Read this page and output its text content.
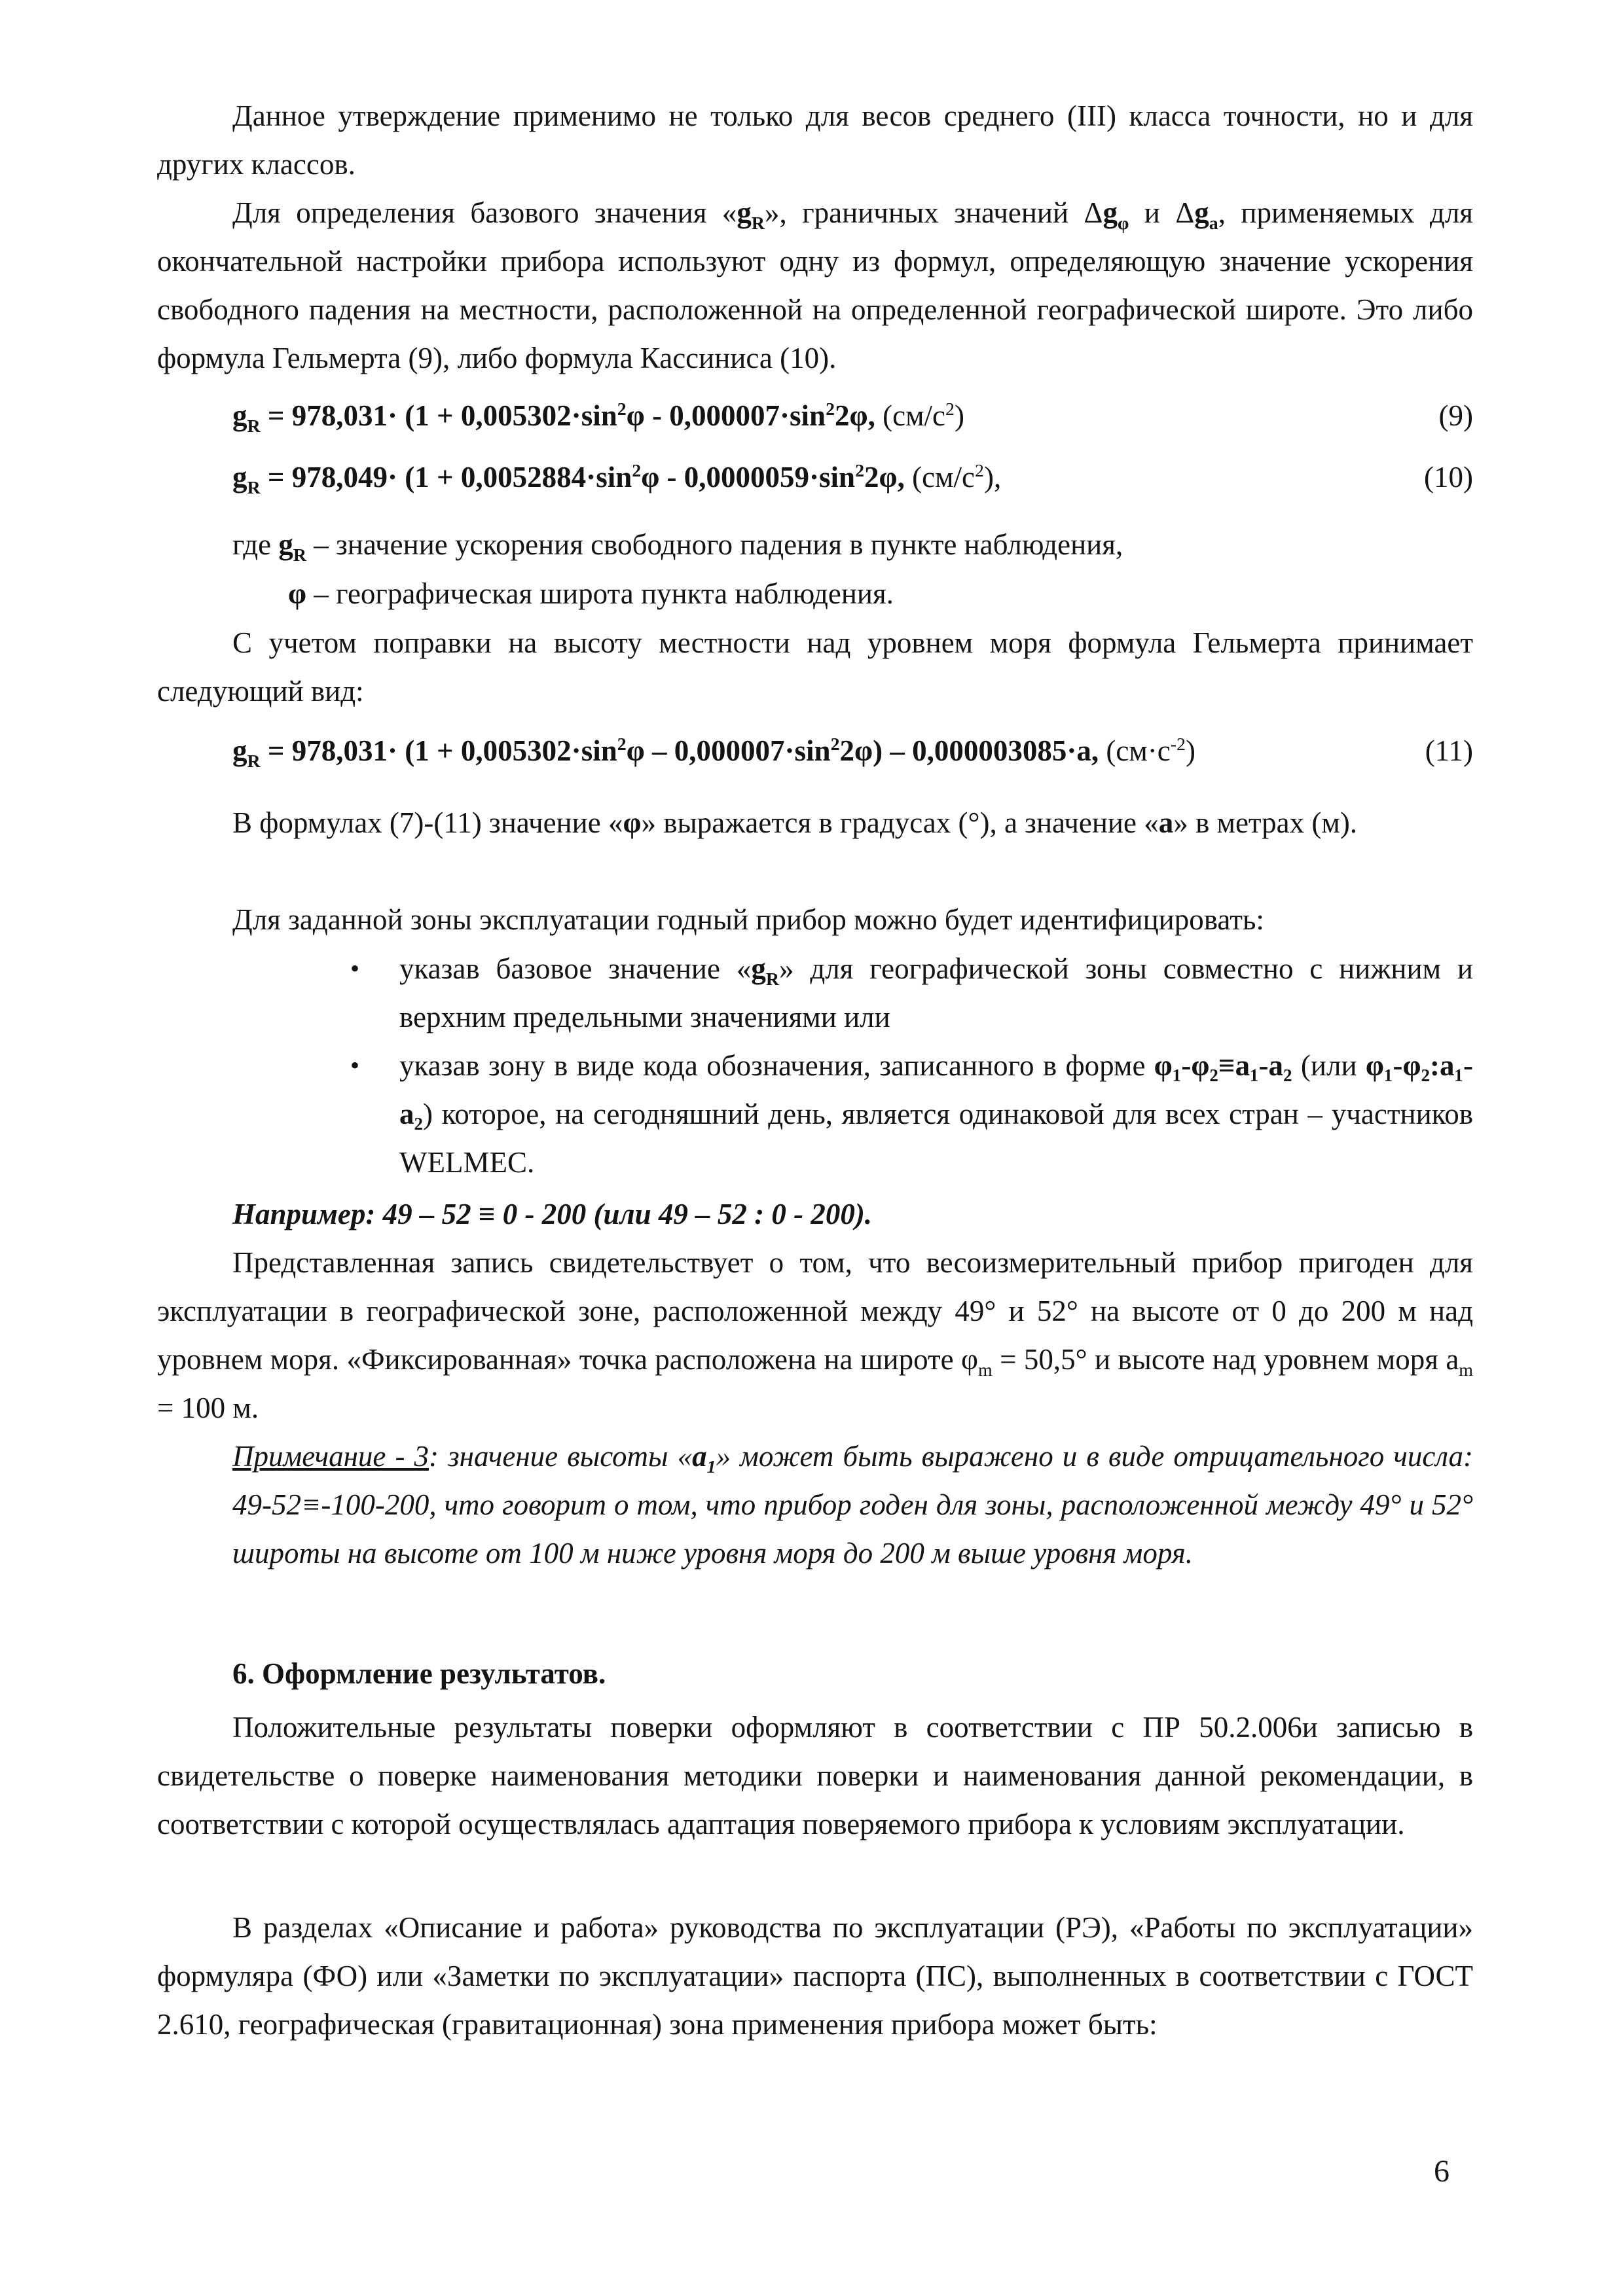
Данное утверждение применимо не только для весов среднего (III) класса точности, но и для других классов.

Для определения базового значения «$g_R$», граничных значений $\Delta g_\varphi$ и $\Delta g_a$, применяемых для окончательной настройки прибора используют одну из формул, определяющую значение ускорения свободного падения на местности, расположенной на определенной географической широте. Это либо формула Гельмерта (9), либо формула Кассиниса (10).

$g_R = 978,031\cdot (1 + 0,005302\cdot\sin^2\varphi - 0,000007\cdot\sin^22\varphi$, $(см/с^2)$	(9)
$g_R = 978,049\cdot (1 + 0,0052884\cdot\sin^2\varphi - 0,0000059\cdot\sin^22\varphi$, $(см/с^2)$,	(10)
где $g_R$ – значение ускорения свободного падения в пункте наблюдения,
φ – географическая широта пункта наблюдения.

С учетом поправки на высоту местности над уровнем моря формула Гельмерта принимает следующий вид:

$g_R = 978,031\cdot (1 + 0,005302\cdot\sin^2\varphi - 0,000007\cdot\sin^22\varphi) - 0,000003085\cdot a$, $(см\cdot с^{-2})$	(11)

В формулах (7)-(11) значение «φ» выражается в градусах (°), а значение «a» в метрах (м).

Для заданной зоны эксплуатации годный прибор можно будет идентифицировать:

• указав базовое значение «$g_R$» для географической зоны совместно с нижним и верхним предельными значениями или
• указав зону в виде кода обозначения, записанного в форме φ₁-φ₂≡a₁-a₂ (или φ₁-φ₂:a₁-a₂) которое, на сегодняшний день, является одинаковой для всех стран – участников WELMEC.
Например: 49 – 52 ≡ 0 - 200 (или 49 – 52 : 0 - 200).

Представленная запись свидетельствует о том, что весоизмерительный прибор пригоден для эксплуатации в географической зоне, расположенной между 49° и 52° на высоте от 0 до 200 м над уровнем моря. «Фиксированная» точка расположена на широте $\varphi_m = 50,5^\circ$ и высоте над уровнем моря $a_m = 100$ м.

Примечание - 3: значение высоты «$a_1$» может быть выражено и в виде отрицательного числа: 49-52≡-100-200, что говорит о том, что прибор годен для зоны, расположенной между 49° и 52° широты на высоте от 100 м ниже уровня моря до 200 м выше уровня моря.
6. Оформление результатов.

Положительные результаты поверки оформляют в соответствии с ПР 50.2.006и записью в свидетельстве о поверке наименования методики поверки и наименования данной рекомендации, в соответствии с которой осуществлялась адаптация поверяемого прибора к условиям эксплуатации.

В разделах «Описание и работа» руководства по эксплуатации (РЭ), «Работы по эксплуатации» формуляра (ФО) или «Заметки по эксплуатации» паспорта (ПС), выполненных в соответствии с ГОСТ 2.610, географическая (гравитационная) зона применения прибора может быть:

6
